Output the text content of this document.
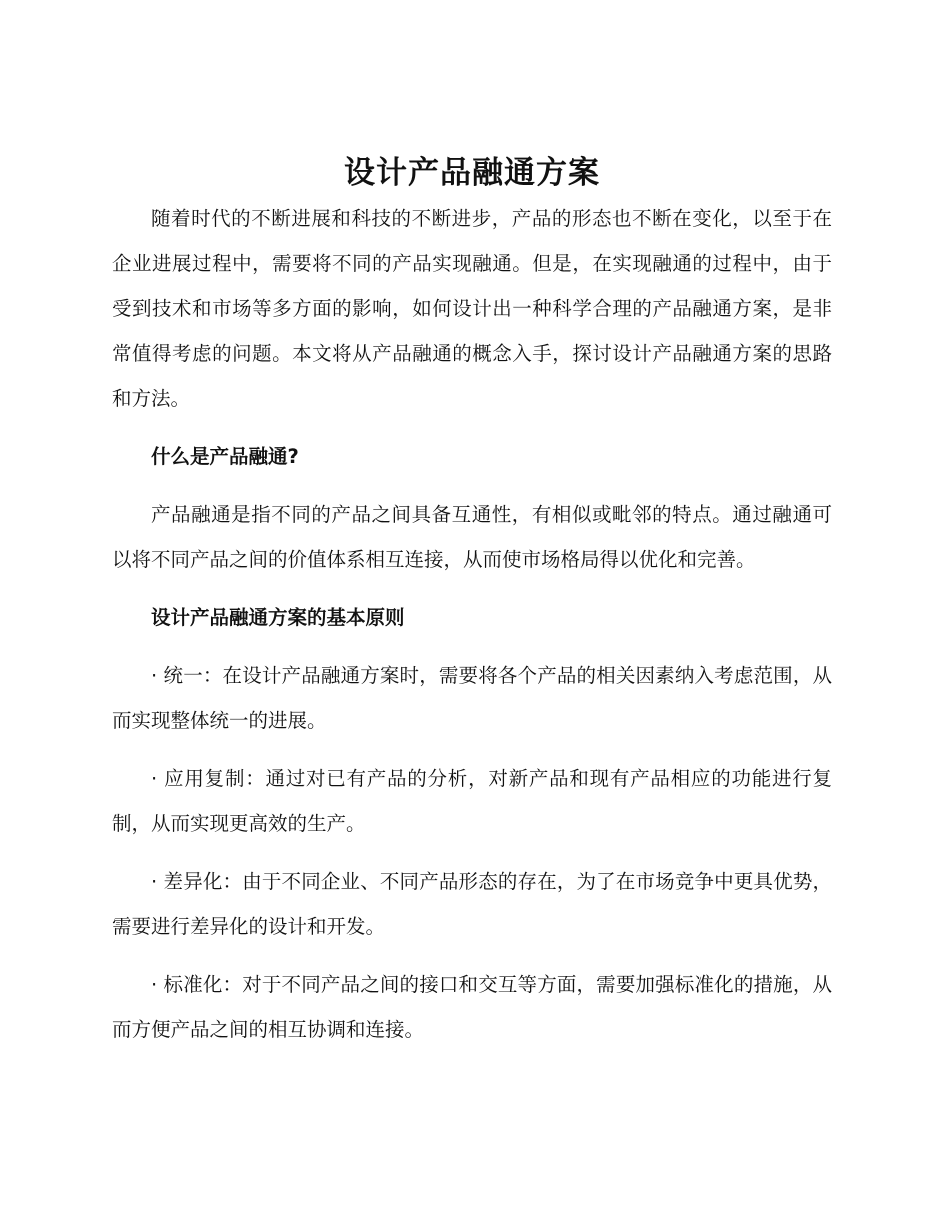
设计产品融通方案

随着时代的不断进展和科技的不断进步，产品的形态也不断在变化，以至于在企业进展过程中，需要将不同的产品实现融通。但是，在实现融通的过程中，由于受到技术和市场等多方面的影响，如何设计出一种科学合理的产品融通方案，是非常值得考虑的问题。本文将从产品融通的概念入手，探讨设计产品融通方案的思路和方法。

什么是产品融通?

产品融通是指不同的产品之间具备互通性，有相似或毗邻的特点。通过融通可以将不同产品之间的价值体系相互连接，从而使市场格局得以优化和完善。

设计产品融通方案的基本原则

· 统一：在设计产品融通方案时，需要将各个产品的相关因素纳入考虑范围，从而实现整体统一的进展。

· 应用复制：通过对已有产品的分析，对新产品和现有产品相应的功能进行复制，从而实现更高效的生产。

· 差异化：由于不同企业、不同产品形态的存在，为了在市场竞争中更具优势，需要进行差异化的设计和开发。

· 标准化：对于不同产品之间的接口和交互等方面，需要加强标准化的措施，从而方便产品之间的相互协调和连接。
